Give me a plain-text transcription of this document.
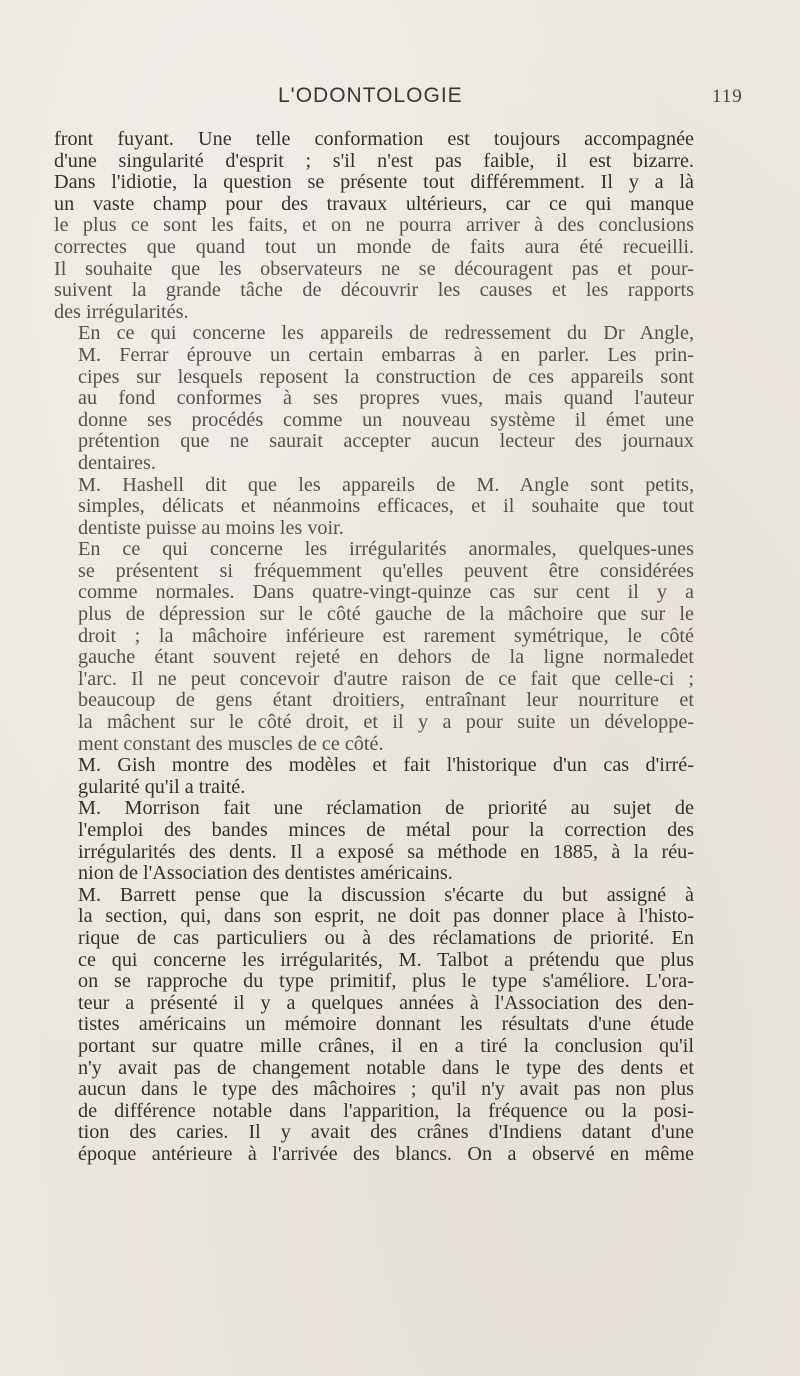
L'ODONTOLOGIE	119

front fuyant. Une telle conformation est toujours accompagnée
d'une singularité d'esprit ; s'il n'est pas faible, il est bizarre.
Dans l'idiotie, la question se présente tout différemment. Il y a là
un vaste champ pour des travaux ultérieurs, car ce qui manque
le plus ce sont les faits, et on ne pourra arriver à des conclusions
correctes que quand tout un monde de faits aura été recueilli.
Il souhaite que les observateurs ne se découragent pas et pour-
suivent la grande tâche de découvrir les causes et les rapports
des irrégularités.

En ce qui concerne les appareils de redressement du Dr Angle,
M. Ferrar éprouve un certain embarras à en parler. Les prin-
cipes sur lesquels reposent la construction de ces appareils sont
au fond conformes à ses propres vues, mais quand l'auteur
donne ses procédés comme un nouveau système il émet une
prétention que ne saurait accepter aucun lecteur des journaux
dentaires.

M. Hashell dit que les appareils de M. Angle sont petits,
simples, délicats et néanmoins efficaces, et il souhaite que tout
dentiste puisse au moins les voir.

En ce qui concerne les irrégularités anormales, quelques-unes
se présentent si fréquemment qu'elles peuvent être considérées
comme normales. Dans quatre-vingt-quinze cas sur cent il y a
plus de dépression sur le côté gauche de la mâchoire que sur le
droit ; la mâchoire inférieure est rarement symétrique, le côté
gauche étant souvent rejeté en dehors de la ligne normaledet
l'arc. Il ne peut concevoir d'autre raison de ce fait que celle-ci ;
beaucoup de gens étant droitiers, entraînant leur nourriture et
la mâchent sur le côté droit, et il y a pour suite un développe-
ment constant des muscles de ce côté.

M. Gish montre des modèles et fait l'historique d'un cas d'irré-
gularité qu'il a traité.

M. Morrison fait une réclamation de priorité au sujet de
l'emploi des bandes minces de métal pour la correction des
irrégularités des dents. Il a exposé sa méthode en 1885, à la réu-
nion de l'Association des dentistes américains.

M. Barrett pense que la discussion s'écarte du but assigné à
la section, qui, dans son esprit, ne doit pas donner place à l'histo-
rique de cas particuliers ou à des réclamations de priorité. En
ce qui concerne les irrégularités, M. Talbot a prétendu que plus
on se rapproche du type primitif, plus le type s'améliore. L'ora-
teur a présenté il y a quelques années à l'Association des den-
tistes américains un mémoire donnant les résultats d'une étude
portant sur quatre mille crânes, il en a tiré la conclusion qu'il
n'y avait pas de changement notable dans le type des dents et
aucun dans le type des mâchoires ; qu'il n'y avait pas non plus
de différence notable dans l'apparition, la fréquence ou la posi-
tion des caries. Il y avait des crânes d'Indiens datant d'une
époque antérieure à l'arrivée des blancs. On a observé en même
